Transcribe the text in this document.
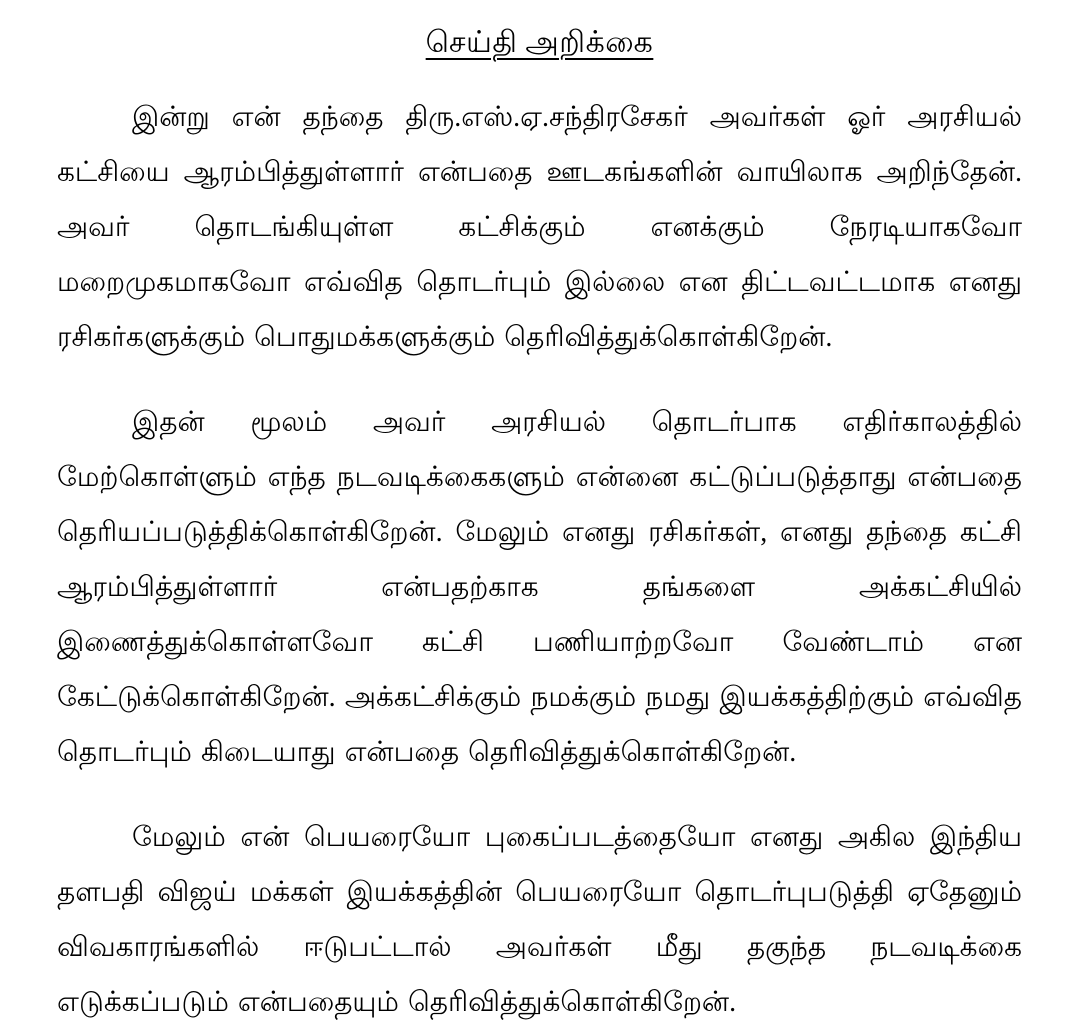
செய்தி அறிக்கை

இன்று என் தந்தை திரு.எஸ்.ஏ.சந்திரசேகர் அவர்கள் ஓர் அரசியல் கட்சியை ஆரம்பித்துள்ளார் என்பதை ஊடகங்களின் வாயிலாக அறிந்தேன். அவர் தொடங்கியுள்ள கட்சிக்கும் எனக்கும் நேரடியாகவோ மறைமுகமாகவோ எவ்வித தொடர்பும் இல்லை என திட்டவட்டமாக எனது ரசிகர்களுக்கும் பொதுமக்களுக்கும் தெரிவித்துக்கொள்கிறேன்.

இதன் மூலம் அவர் அரசியல் தொடர்பாக எதிர்காலத்தில் மேற்கொள்ளும் எந்த நடவடிக்கைகளும் என்னை கட்டுப்படுத்தாது என்பதை தெரியப்படுத்திக்கொள்கிறேன். மேலும் எனது ரசிகர்கள், எனது தந்தை கட்சி ஆரம்பித்துள்ளார் என்பதற்காக தங்களை அக்கட்சியில் இணைத்துக்கொள்ளவோ கட்சி பணியாற்றவோ வேண்டாம் என கேட்டுக்கொள்கிறேன். அக்கட்சிக்கும் நமக்கும் நமது இயக்கத்திற்கும் எவ்வித தொடர்பும் கிடையாது என்பதை தெரிவித்துக்கொள்கிறேன்.

மேலும் என் பெயரையோ புகைப்படத்தையோ எனது அகில இந்திய தளபதி விஜய் மக்கள் இயக்கத்தின் பெயரையோ தொடர்புபடுத்தி ஏதேனும் விவகாரங்களில் ஈடுபட்டால் அவர்கள் மீது தகுந்த நடவடிக்கை எடுக்கப்படும் என்பதையும் தெரிவித்துக்கொள்கிறேன்.
